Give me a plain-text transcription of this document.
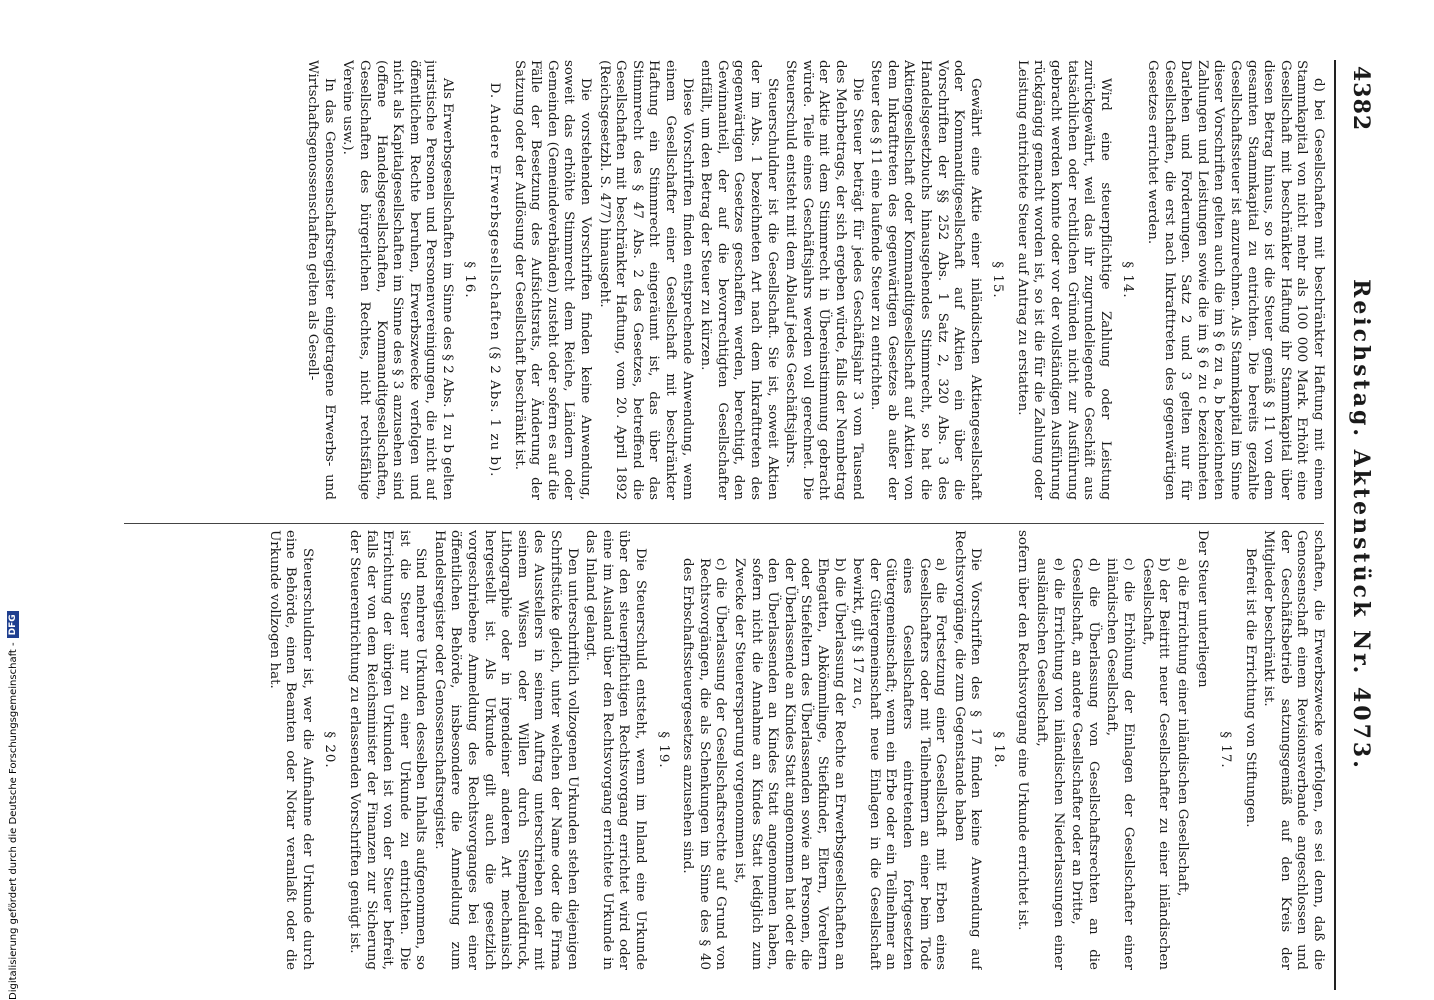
4382
Reichstag. Aktenstück Nr. 4073.

d) bei Gesellschaften mit beschränkter Haftung mit einem Stammkapital von nicht mehr als 100 000 Mark. Erhöht eine Gesellschaft mit beschränkter Haftung ihr Stammkapital über diesen Betrag hinaus, so ist die Steuer gemäß § 11 von dem gesamten Stammkapital zu entrichten. Die bereits gezahlte Gesellschaftssteuer ist anzurechnen. Als Stammkapital im Sinne dieser Vorschriften gelten auch die im § 6 zu a, b bezeichneten Zahlungen und Leistungen sowie die im § 6 zu c bezeichneten Darlehen und Forderungen. Satz 2 und 3 gelten nur für Gesellschaften, die erst nach Inkrafttreten des gegenwärtigen Gesetzes errichtet werden.

§ 14.

Wird eine steuerpflichtige Zahlung oder Leistung zurückgewährt, weil das ihr zugrundeliegende Geschäft aus tatsächlichen oder rechtlichen Gründen nicht zur Ausführung gebracht werden konnte oder vor der vollständigen Ausführung rückgängig gemacht worden ist, so ist die für die Zahlung oder Leistung entrichtete Steuer auf Antrag zu erstatten.

§ 15.

Gewährt eine Aktie einer inländischen Aktiengesellschaft oder Kommanditgesellschaft auf Aktien ein über die Vorschriften der §§ 252 Abs. 1 Satz 2, 320 Abs. 3 des Handelsgesetzbuchs hinausgehendes Stimmrecht, so hat die Aktiengesellschaft oder Kommanditgesellschaft auf Aktien von dem Inkrafttreten des gegenwärtigen Gesetzes ab außer der Steuer des § 11 eine laufende Steuer zu entrichten.

Die Steuer beträgt für jedes Geschäftsjahr 3 vom Tausend des Mehrbetrags, der sich ergeben würde, falls der Nennbetrag der Aktie mit dem Stimmrecht in Übereinstimmung gebracht würde. Teile eines Geschäftsjahrs werden voll gerechnet. Die Steuerschuld entsteht mit dem Ablauf jedes Geschäftsjahrs.

Steuerschuldner ist die Gesellschaft. Sie ist, soweit Aktien der im Abs. 1 bezeichneten Art nach dem Inkrafttreten des gegenwärtigen Gesetzes geschaffen werden, berechtigt, den Gewinnanteil, der auf die bevorrechtigten Gesellschafter entfällt, um den Betrag der Steuer zu kürzen.

Diese Vorschriften finden entsprechende Anwendung, wenn einem Gesellschafter einer Gesellschaft mit beschränkter Haftung ein Stimmrecht eingeräumt ist, das über das Stimmrecht des § 47 Abs. 2 des Gesetzes, betreffend die Gesellschaften mit beschränkter Haftung, vom 20. April 1892 (Reichsgesetzbl. S. 477) hinausgeht.

Die vorstehenden Vorschriften finden keine Anwendung, soweit das erhöhte Stimmrecht dem Reiche, Ländern oder Gemeinden (Gemeindeverbänden) zusteht oder sofern es auf die Fälle der Besetzung des Aufsichtsrats, der Änderung der Satzung oder der Auflösung der Gesellschaft beschränkt ist.

D. Andere Erwerbsgesellschaften (§ 2 Abs. 1 zu b).
§ 16.

Als Erwerbsgesellschaften im Sinne des § 2 Abs. 1 zu b gelten juristische Personen und Personenvereinigungen, die nicht auf öffentlichem Rechte beruhen, Erwerbszwecke verfolgen und nicht als Kapitalgesellschaften im Sinne des § 3 anzusehen sind (offene Handelsgesellschaften, Kommanditgesellschaften, Gesellschaften des bürgerlichen Rechtes, nicht rechtsfähige Vereine usw.).

In das Genossenschaftsregister eingetragene Erwerbs- und Wirtschaftsgenossenschaften gelten als Gesell-

schaften, die Erwerbszwecke verfolgen, es sei denn, daß die Genossenschaft einem Revisionsverbande angeschlossen und der Geschäftsbetrieb satzungsgemäß auf den Kreis der Mitglieder beschränkt ist.

Befreit ist die Errichtung von Stiftungen.

§ 17.

Der Steuer unterliegen

a) die Errichtung einer inländischen Gesellschaft,

b) der Beitritt neuer Gesellschafter zu einer inländischen Gesellschaft,

c) die Erhöhung der Einlagen der Gesellschafter einer inländischen Gesellschaft,

d) die Überlassung von Gesellschaftsrechten an die Gesellschaft, an andere Gesellschafter oder an Dritte,

e) die Errichtung von inländischen Niederlassungen einer ausländischen Gesellschaft,

sofern über den Rechtsvorgang eine Urkunde errichtet ist.

§ 18.

Die Vorschriften des § 17 finden keine Anwendung auf Rechtsvorgänge, die zum Gegenstande haben

a) die Fortsetzung einer Gesellschaft mit Erben eines Gesellschafters oder mit Teilnehmern an einer beim Tode eines Gesellschafters eintretenden fortgesetzten Gütergemeinschaft; wenn ein Erbe oder ein Teilnehmer an der Gütergemeinschaft neue Einlagen in die Gesellschaft bewirkt, gilt § 17 zu c,

b) die Überlassung der Rechte an Erwerbsgesellschaften an Ehegatten, Abkömmlinge, Stiefkinder, Eltern, Voreltern oder Stiefeltern des Überlassenden sowie an Personen, die der Überlassende an Kindes Statt angenommen hat oder die den Überlassenden an Kindes Statt angenommen haben, sofern nicht die Annahme an Kindes Statt lediglich zum Zwecke der Steuerersparung vorgenommen ist,

c) die Überlassung der Gesellschaftsrechte auf Grund von Rechtsvorgängen, die als Schenkungen im Sinne des § 40 des Erbschaftssteuergesetzes anzusehen sind.

§ 19.

Die Steuerschuld entsteht, wenn im Inland eine Urkunde über den steuerpflichtigen Rechtsvorgang errichtet wird oder eine im Ausland über den Rechtsvorgang errichtete Urkunde in das Inland gelangt.

Den unterschriftlich vollzogenen Urkunden stehen diejenigen Schriftstücke gleich, unter welchen der Name oder die Firma des Ausstellers in seinem Auftrag unterschrieben oder mit seinem Wissen oder Willen durch Stempelaufdruck, Lithographie oder in irgendeiner anderen Art mechanisch hergestellt ist. Als Urkunde gilt auch die gesetzlich vorgeschriebene Anmeldung des Rechtsvorganges bei einer öffentlichen Behörde, insbesondere die Anmeldung zum Handelsregister oder Genossenschaftsregister.

Sind mehrere Urkunden desselben Inhalts aufgenommen, so ist die Steuer nur zu einer Urkunde zu entrichten. Die Errichtung der übrigen Urkunden ist von der Steuer befreit, falls der von dem Reichsminister der Finanzen zur Sicherung der Steuerentrichtung zu erlassenden Vorschriften genügt ist.

§ 20.

Steuerschuldner ist, wer die Aufnahme der Urkunde durch eine Behörde, einen Beamten oder Notar veranlaßt oder die Urkunde vollzogen hat.

Digitalisierung gefördert durch die Deutsche Forschungsgemeinschaft -
DFG
